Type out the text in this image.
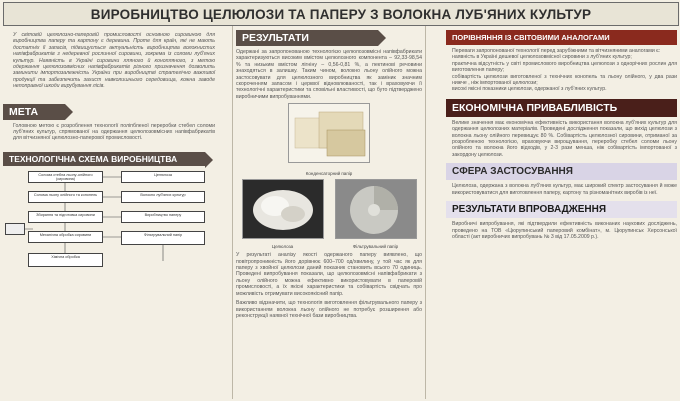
ВИРОБНИЦТВО ЦЕЛЮЛОЗИ ТА ПАПЕРУ З ВОЛОКНА ЛУБ'ЯНИХ КУЛЬТУР

У світовій целюлозно-паперовій промисловості основною сировиною для виробництва паперу та картону є деревина. Проте для країн, які не мають достатніх її запасів, підвищується актуальність виробництва волокнистих напівфабрикатів з недеревної рослинної сировини, зокрема із соломи луб'яних культур. Наявність в Україні сировини лляного й конопляного, з метою одержання целюлозовмісних напівфабрикатів різного призначення дозволить заминити імпортозалежність України при виробництві стратегічно важливої продукції та забезпечить захист навколишнього середовища, кожна заводе непоправної шкоди вирубування лісів.

МЕТА

Головною метою є розроблення технології поліпбленої переробки стебел соломи луб'яних культур, спрямованої на одержання целюлозовмісних напівфабрикатів для вітчизняної целюлозно-паперової промисловості.

ТЕХНОЛОГІЧНА СХЕМА ВИРОБНИЦТВА
Солома стебла льону-олійного (сировина)
Солома льону олійного та конопель
Збирання та підготовка сировини
Механічна обробка сировини
Хімічна обробка
Целюлоза
Волокно луб'яних культур
Виробництво паперу
Фільтрувальний папір
РЕЗУЛЬТАТИ

Одержані за запропонованою технологією целюлозовмісні напівфабрикати характеризуються високим вмістом целюлозного компонента – 92,33-98,54 % та низьким вмістом лігніну – 0,56-0,81 %, а пектинові речовини знаходяться в залишку. Таким чином, волокно льону олійного можна застосовувати для целюлозного виробництва як заміник значним скороченням запасом і церквої відновлюваності, так і враховуючи її технологічні характеристики та сповільні властивості, що буто підтверджено виробничими випробуваннями.

Конденсаторний папір
Целюлоза	Фільтрувальний папір

У результаті аналізу якості одержаного паперу виявлено, що повітропроникність його дорівнює 600–700 од/хвилину, у той час як для паперу з хвойної целюлози даний показник становить всього 70 одиниць. Проведені випробування показали, що целюлозовмісні напівфабрикати з льону олійного можна ефективно використовувати в паперовій промисловості, а їх якісні характеристики та собівартість свідчать про можливість отримувати високоякісний папір.

Важливо відзначити, що технологія виготовлення фільтрувального паперу з використанням волокна льону олійного не потребує розширення або реконструкції наявної технічної бази виробництва.

ПОРІВНЯННЯ ІЗ СВІТОВИМИ АНАЛОГАМИ

Переваги запропонованої технології перед зарубіжними та вітчизняними аналогами є:

наявність в Україні дешевої целюлозовмісної сировини з луб'яних культур;

практична відсутність у світі промислового виробництва целюлози з однорічних рослин для виготовлення паперу;

собівартість целюлози виготовленої з технічних конопель та льону олійного, у два рази нижче , ніж імпортованої целюлози;

високі якісні показники целюлози, одержаної з луб'яних культур.

ЕКОНОМІЧНА ПРИВАБЛИВІСТЬ

Велике значення має економічна ефективність використання волокна луб'яних культур для одержання целюлозних матеріалів. Проведені дослідження показали, що вихід целюлози з волокна льону олійного перевищує 80 %. Собівартість целюлозної сировини, отриманої за розробленою технологією, враховуючи вирощування, переробку стебел соломи льону олійного та волокна його відходів, у 2-3 рази менша, ніж собівартість імпортованої з закордону целюлози.

СФЕРА ЗАСТОСУВАННЯ

Целюлоза, одержана з волокна луб'яних культур, має широкий спектр застосування й може використовуватися для виготовлення паперу, картону та різноманітних виробів із неї.

РЕЗУЛЬТАТИ ВПРОВАДЖЕННЯ

Виробничі випробування, які підтвердили ефективність виконаних наукових досліджень, проведено на ТОВ «Цюрупинський паперовий комбінат», м. Цюрупинськ Херсонської області (акт виробничих випробувань № 3 від 17.05.2009 р.).
